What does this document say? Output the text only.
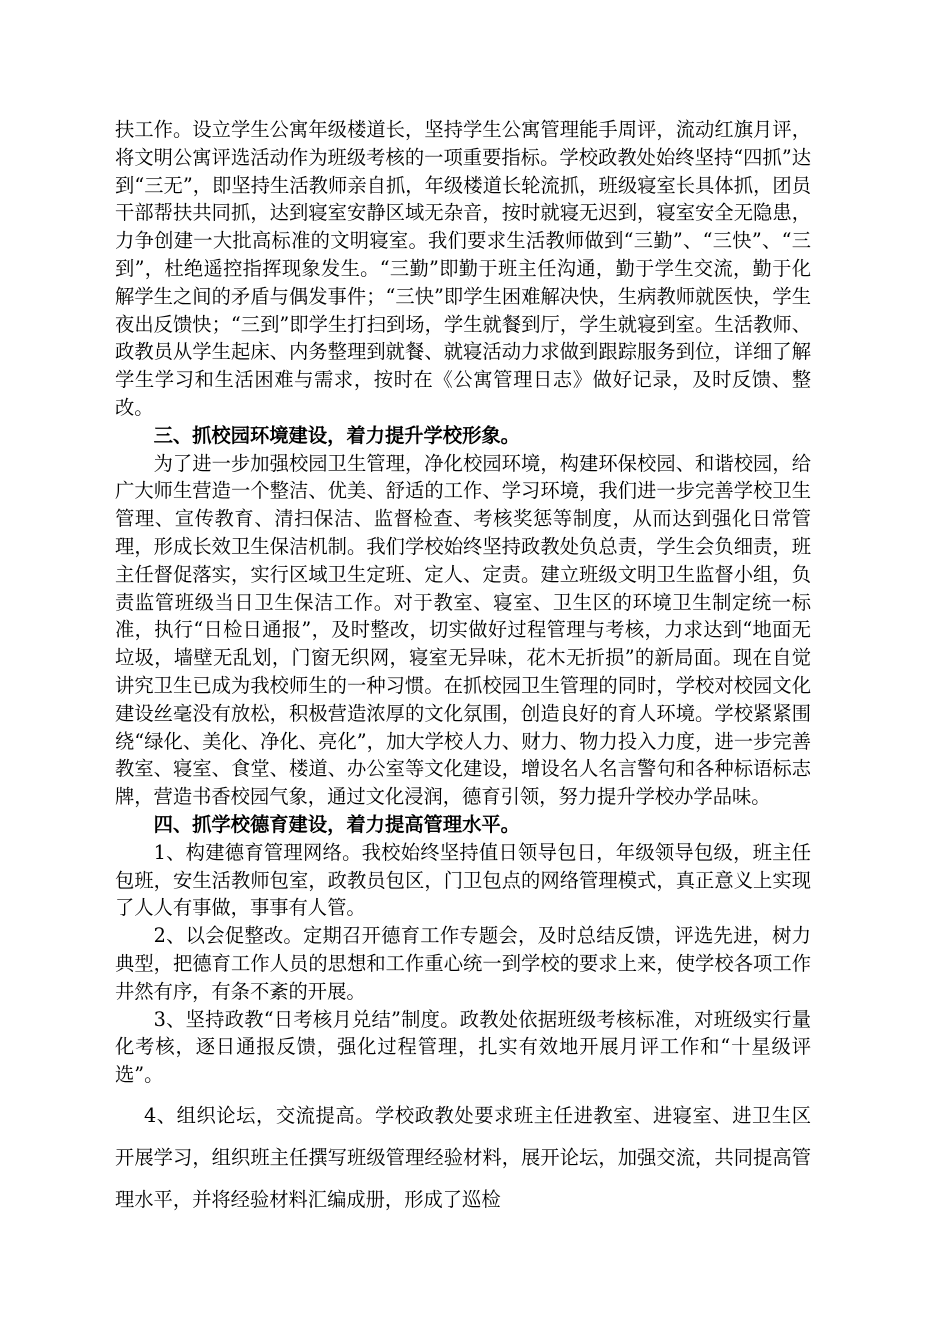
扶工作。设立学生公寓年级楼道长，坚持学生公寓管理能手周评，流动红旗月评，将文明公寓评选活动作为班级考核的一项重要指标。学校政教处始终坚持“四抓”达到“三无”，即坚持生活教师亲自抓，年级楼道长轮流抓，班级寝室长具体抓，团员干部帮扶共同抓，达到寝室安静区域无杂音，按时就寝无迟到，寝室安全无隐患，力争创建一大批高标准的文明寝室。我们要求生活教师做到“三勤”、“三快”、“三到”，杜绝遥控指挥现象发生。“三勤”即勤于班主任沟通，勤于学生交流，勤于化解学生之间的矛盾与偶发事件；“三快”即学生困难解决快，生病教师就医快，学生夜出反馈快；“三到”即学生打扫到场，学生就餐到厅，学生就寝到室。生活教师、政教员从学生起床、内务整理到就餐、就寝活动力求做到跟踪服务到位，详细了解学生学习和生活困难与需求，按时在《公寓管理日志》做好记录，及时反馈、整改。

三、抓校园环境建设，着力提升学校形象。

为了进一步加强校园卫生管理，净化校园环境，构建环保校园、和谐校园，给广大师生营造一个整洁、优美、舒适的工作、学习环境，我们进一步完善学校卫生管理、宣传教育、清扫保洁、监督检查、考核奖惩等制度，从而达到强化日常管理，形成长效卫生保洁机制。我们学校始终坚持政教处负总责，学生会负细责，班主任督促落实，实行区域卫生定班、定人、定责。建立班级文明卫生监督小组，负责监管班级当日卫生保洁工作。对于教室、寝室、卫生区的环境卫生制定统一标准，执行“日检日通报”，及时整改，切实做好过程管理与考核，力求达到“地面无垃圾，墙壁无乱划，门窗无织网，寝室无异味，花木无折损”的新局面。现在自觉讲究卫生已成为我校师生的一种习惯。在抓校园卫生管理的同时，学校对校园文化建设丝毫没有放松，积极营造浓厚的文化氛围，创造良好的育人环境。学校紧紧围绕“绿化、美化、净化、亮化”，加大学校人力、财力、物力投入力度，进一步完善教室、寝室、食堂、楼道、办公室等文化建设，增设名人名言警句和各种标语标志牌，营造书香校园气象，通过文化浸润，德育引领，努力提升学校办学品味。

四、抓学校德育建设，着力提高管理水平。

1、构建德育管理网络。我校始终坚持值日领导包日，年级领导包级，班主任包班，安生活教师包室，政教员包区，门卫包点的网络管理模式，真正意义上实现了人人有事做，事事有人管。

2、以会促整改。定期召开德育工作专题会，及时总结反馈，评选先进，树力典型，把德育工作人员的思想和工作重心统一到学校的要求上来，使学校各项工作井然有序，有条不紊的开展。

3、坚持政教“日考核月兑结”制度。政教处依据班级考核标准，对班级实行量化考核，逐日通报反馈，强化过程管理，扎实有效地开展月评工作和“十星级评选”。

4、组织论坛，交流提高。学校政教处要求班主任进教室、进寝室、进卫生区开展学习，组织班主任撰写班级管理经验材料，展开论坛，加强交流，共同提高管理水平，并将经验材料汇编成册，形成了巡检
